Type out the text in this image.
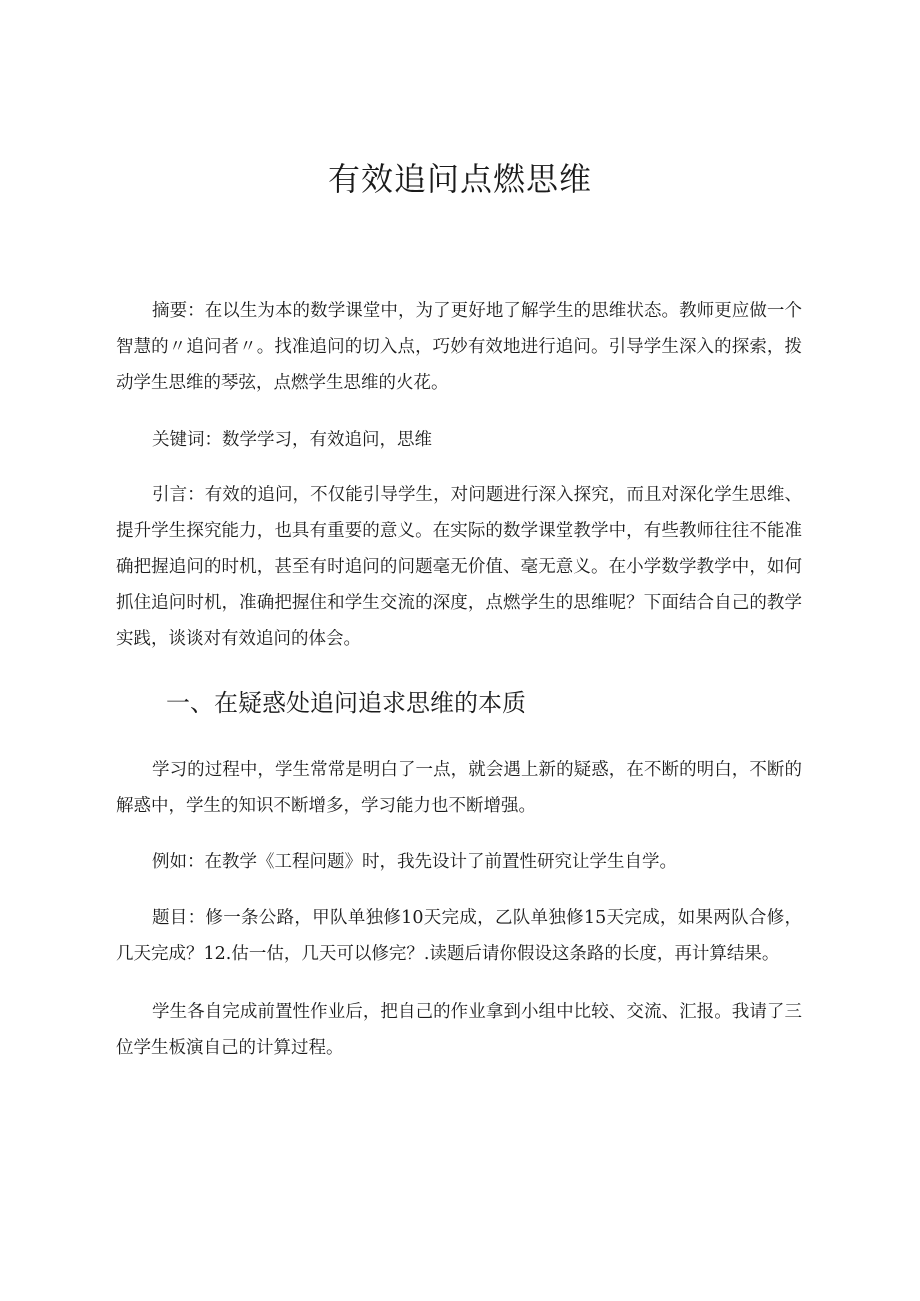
有效追问点燃思维

摘要：在以生为本的数学课堂中，为了更好地了解学生的思维状态。教师更应做一个智慧的〃追问者〃。找准追问的切入点，巧妙有效地进行追问。引导学生深入的探索，拨动学生思维的琴弦，点燃学生思维的火花。

关键词：数学学习，有效追问，思维

引言：有效的追问，不仅能引导学生，对问题进行深入探究，而且对深化学生思维、提升学生探究能力，也具有重要的意义。在实际的数学课堂教学中，有些教师往往不能准确把握追问的时机，甚至有时追问的问题毫无价值、毫无意义。在小学数学教学中，如何抓住追问时机，准确把握住和学生交流的深度，点燃学生的思维呢？下面结合自己的教学实践，谈谈对有效追问的体会。

一、在疑惑处追问追求思维的本质

学习的过程中，学生常常是明白了一点，就会遇上新的疑惑，在不断的明白，不断的解惑中，学生的知识不断增多，学习能力也不断增强。

例如：在教学《工程问题》时，我先设计了前置性研究让学生自学。

题目：修一条公路，甲队单独修10天完成，乙队单独修15天完成，如果两队合修，几天完成？12.估一估，几天可以修完？.读题后请你假设这条路的长度，再计算结果。

学生各自完成前置性作业后，把自己的作业拿到小组中比较、交流、汇报。我请了三位学生板演自己的计算过程。
